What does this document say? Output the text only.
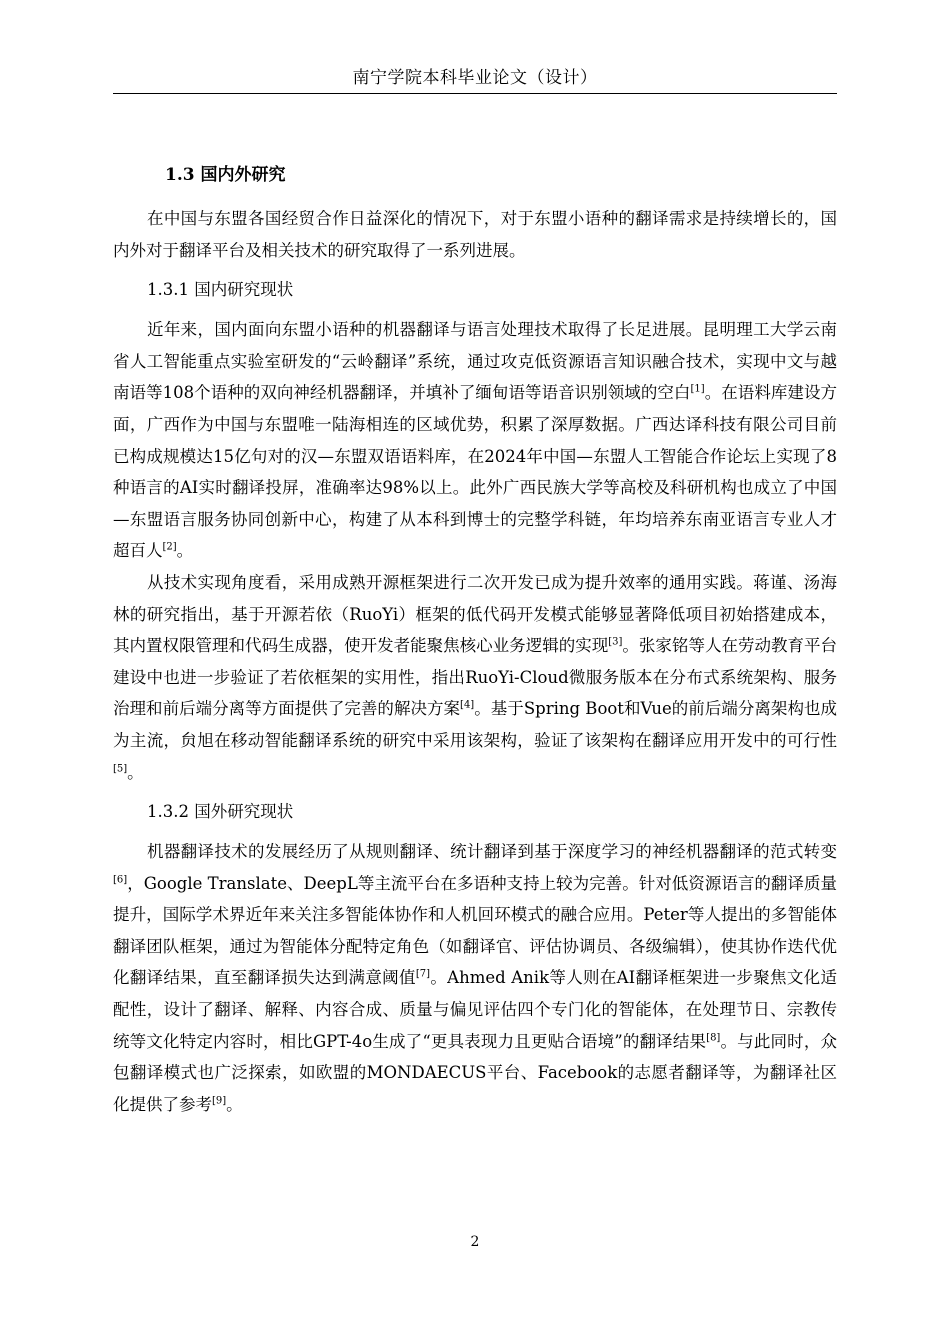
南宁学院本科毕业论文（设计）
1.3 国内外研究

在中国与东盟各国经贸合作日益深化的情况下，对于东盟小语种的翻译需求是持续增长的，国内外对于翻译平台及相关技术的研究取得了一系列进展。

1.3.1 国内研究现状

近年来，国内面向东盟小语种的机器翻译与语言处理技术取得了长足进展。昆明理工大学云南省人工智能重点实验室研发的“云岭翻译”系统，通过攻克低资源语言知识融合技术，实现中文与越南语等108个语种的双向神经机器翻译，并填补了缅甸语等语音识别领域的空白[1]。在语料库建设方面，广西作为中国与东盟唯一陆海相连的区域优势，积累了深厚数据。广西达译科技有限公司目前已构成规模达15亿句对的汉—东盟双语语料库，在2024年中国—东盟人工智能合作论坛上实现了8种语言的AI实时翻译投屏，准确率达98%以上。此外广西民族大学等高校及科研机构也成立了中国—东盟语言服务协同创新中心，构建了从本科到博士的完整学科链，年均培养东南亚语言专业人才超百人[2]。

从技术实现角度看，采用成熟开源框架进行二次开发已成为提升效率的通用实践。蒋谨、汤海林的研究指出，基于开源若依（RuoYi）框架的低代码开发模式能够显著降低项目初始搭建成本，其内置权限管理和代码生成器，使开发者能聚焦核心业务逻辑的实现[3]。张家铭等人在劳动教育平台建设中也进一步验证了若依框架的实用性，指出RuoYi-Cloud微服务版本在分布式系统架构、服务治理和前后端分离等方面提供了完善的解决方案[4]。基于Spring Boot和Vue的前后端分离架构也成为主流，贠旭在移动智能翻译系统的研究中采用该架构，验证了该架构在翻译应用开发中的可行性[5]。

1.3.2 国外研究现状

机器翻译技术的发展经历了从规则翻译、统计翻译到基于深度学习的神经机器翻译的范式转变[6]，Google Translate、DeepL等主流平台在多语种支持上较为完善。针对低资源语言的翻译质量提升，国际学术界近年来关注多智能体协作和人机回环模式的融合应用。Peter等人提出的多智能体翻译团队框架，通过为智能体分配特定角色（如翻译官、评估协调员、各级编辑），使其协作迭代优化翻译结果，直至翻译损失达到满意阈值[7]。Ahmed Anik等人则在AI翻译框架进一步聚焦文化适配性，设计了翻译、解释、内容合成、质量与偏见评估四个专门化的智能体，在处理节日、宗教传统等文化特定内容时，相比GPT-4o生成了“更具表现力且更贴合语境”的翻译结果[8]。与此同时，众包翻译模式也广泛探索，如欧盟的MONDAECUS平台、Facebook的志愿者翻译等，为翻译社区化提供了参考[9]。

2
